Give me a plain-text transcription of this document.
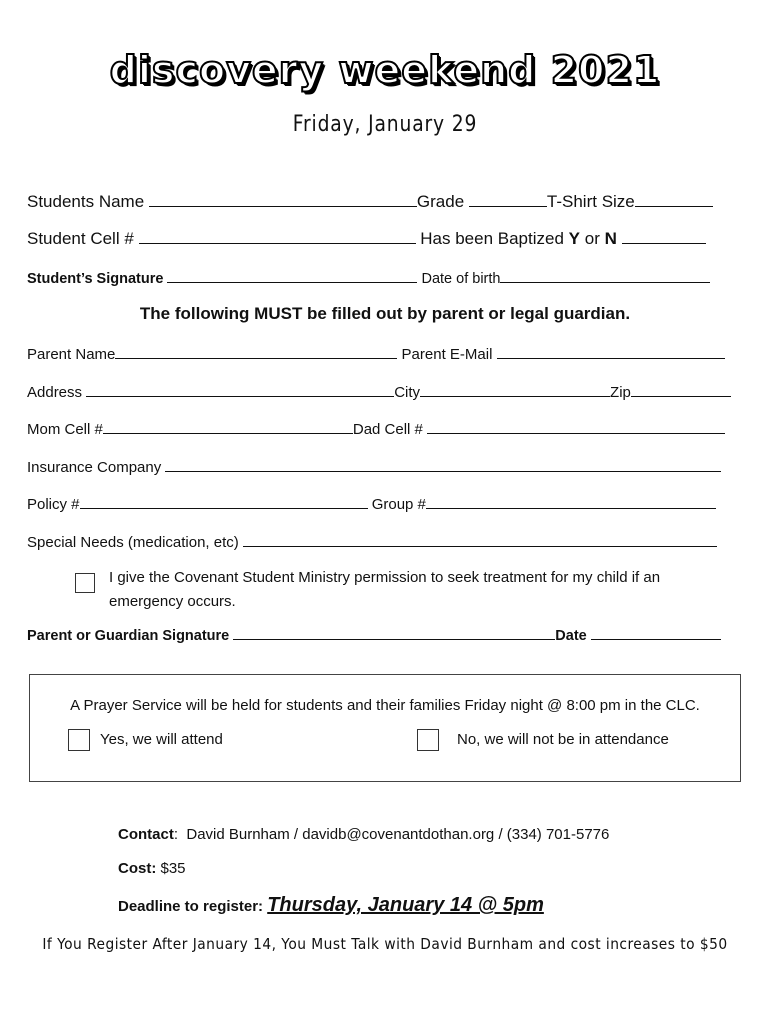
discovery weekend 2021
Friday, January 29
Students Name	Grade	T-Shirt Size
Student Cell #	Has been Baptized Y or N
Student’s Signature	Date of birth
The following MUST be filled out by parent or legal guardian.
Parent Name	Parent E-Mail
Address	City	Zip
Mom Cell #	Dad Cell #
Insurance Company
Policy #	Group #
Special Needs (medication, etc)
I give the Covenant Student Ministry permission to seek treatment for my child if an emergency occurs.
Parent or Guardian Signature	Date
A Prayer Service will be held for students and their families Friday night @ 8:00 pm in the CLC.
Yes, we will attend	No, we will not be in attendance
Contact:  David Burnham / davidb@covenantdothan.org / (334) 701-5776
Cost: $35
Deadline to register: Thursday, January 14 @ 5pm
If You Register After January 14, You Must Talk with David Burnham and cost increases to $50
